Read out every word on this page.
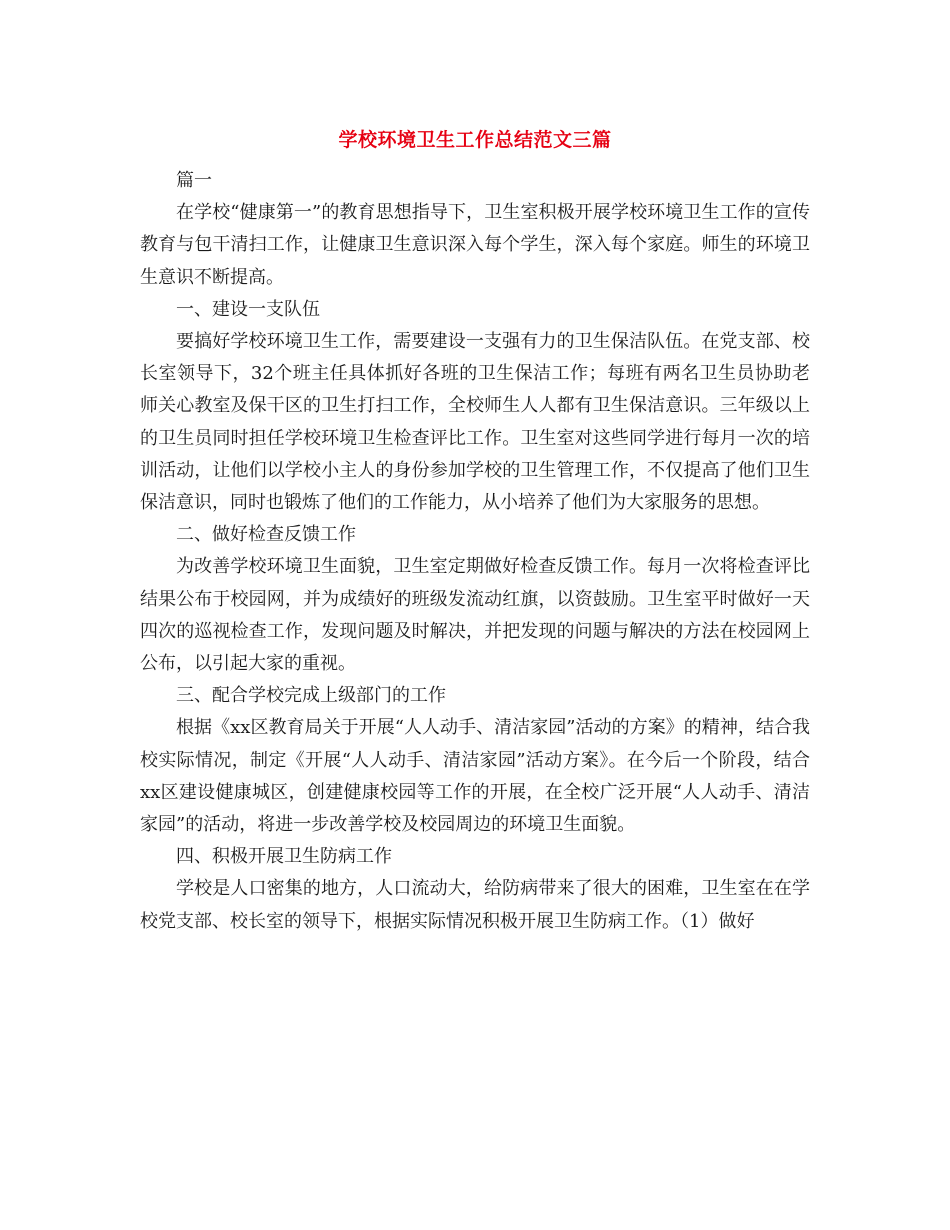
学校环境卫生工作总结范文三篇

篇一

在学校“健康第一”的教育思想指导下，卫生室积极开展学校环境卫生工作的宣传教育与包干清扫工作，让健康卫生意识深入每个学生，深入每个家庭。师生的环境卫生意识不断提高。

一、建设一支队伍

要搞好学校环境卫生工作，需要建设一支强有力的卫生保洁队伍。在党支部、校长室领导下，32个班主任具体抓好各班的卫生保洁工作；每班有两名卫生员协助老师关心教室及保干区的卫生打扫工作，全校师生人人都有卫生保洁意识。三年级以上的卫生员同时担任学校环境卫生检查评比工作。卫生室对这些同学进行每月一次的培训活动，让他们以学校小主人的身份参加学校的卫生管理工作，不仅提高了他们卫生保洁意识，同时也锻炼了他们的工作能力，从小培养了他们为大家服务的思想。

二、做好检查反馈工作

为改善学校环境卫生面貌，卫生室定期做好检查反馈工作。每月一次将检查评比结果公布于校园网，并为成绩好的班级发流动红旗，以资鼓励。卫生室平时做好一天四次的巡视检查工作，发现问题及时解决，并把发现的问题与解决的方法在校园网上公布，以引起大家的重视。

三、配合学校完成上级部门的工作

根据《xx区教育局关于开展“人人动手、清洁家园”活动的方案》的精神，结合我校实际情况，制定《开展“人人动手、清洁家园”活动方案》。在今后一个阶段，结合xx区建设健康城区，创建健康校园等工作的开展，在全校广泛开展“人人动手、清洁家园”的活动，将进一步改善学校及校园周边的环境卫生面貌。

四、积极开展卫生防病工作

学校是人口密集的地方，人口流动大，给防病带来了很大的困难，卫生室在在学校党支部、校长室的领导下，根据实际情况积极开展卫生防病工作。（1）做好
